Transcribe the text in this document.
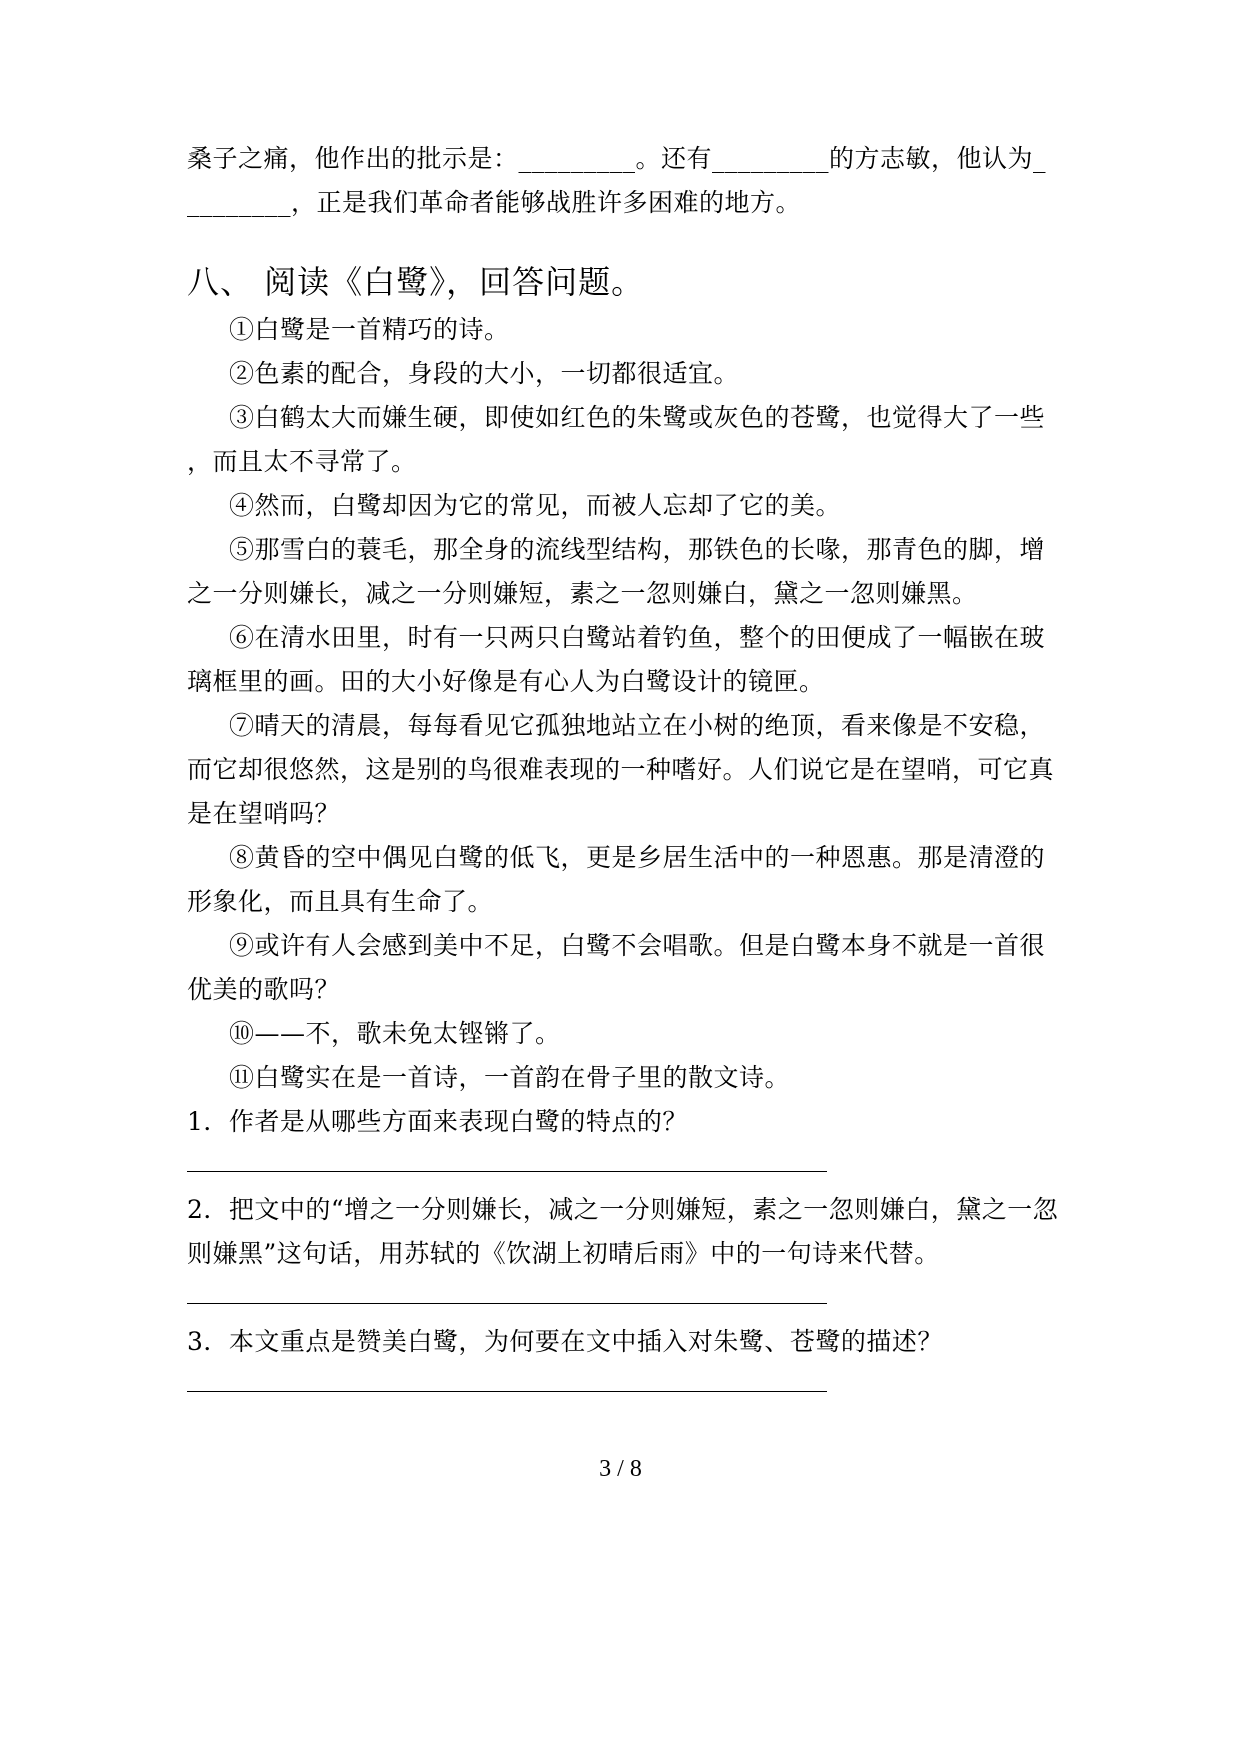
桑子之痛，他作出的批示是：_________。还有_________的方志敏，他认为_
________，正是我们革命者能够战胜许多困难的地方。
八、 阅读《白鹭》，回答问题。
①白鹭是一首精巧的诗。
②色素的配合，身段的大小，一切都很适宜。
③白鹤太大而嫌生硬，即使如红色的朱鹭或灰色的苍鹭，也觉得大了一些
，而且太不寻常了。
④然而，白鹭却因为它的常见，而被人忘却了它的美。
⑤那雪白的蓑毛，那全身的流线型结构，那铁色的长喙，那青色的脚，增
之一分则嫌长，减之一分则嫌短，素之一忽则嫌白，黛之一忽则嫌黑。
⑥在清水田里，时有一只两只白鹭站着钓鱼，整个的田便成了一幅嵌在玻
璃框里的画。田的大小好像是有心人为白鹭设计的镜匣。
⑦晴天的清晨，每每看见它孤独地站立在小树的绝顶，看来像是不安稳，
而它却很悠然，这是别的鸟很难表现的一种嗜好。人们说它是在望哨，可它真
是在望哨吗？
⑧黄昏的空中偶见白鹭的低飞，更是乡居生活中的一种恩惠。那是清澄的
形象化，而且具有生命了。
⑨或许有人会感到美中不足，白鹭不会唱歌。但是白鹭本身不就是一首很
优美的歌吗？
⑩——不，歌未免太铿锵了。
⑪白鹭实在是一首诗，一首韵在骨子里的散文诗。
1．作者是从哪些方面来表现白鹭的特点的？
2．把文中的“增之一分则嫌长，减之一分则嫌短，素之一忽则嫌白，黛之一忽
则嫌黑”这句话，用苏轼的《饮湖上初晴后雨》中的一句诗来代替。
3．本文重点是赞美白鹭，为何要在文中插入对朱鹭、苍鹭的描述？
3 / 8
